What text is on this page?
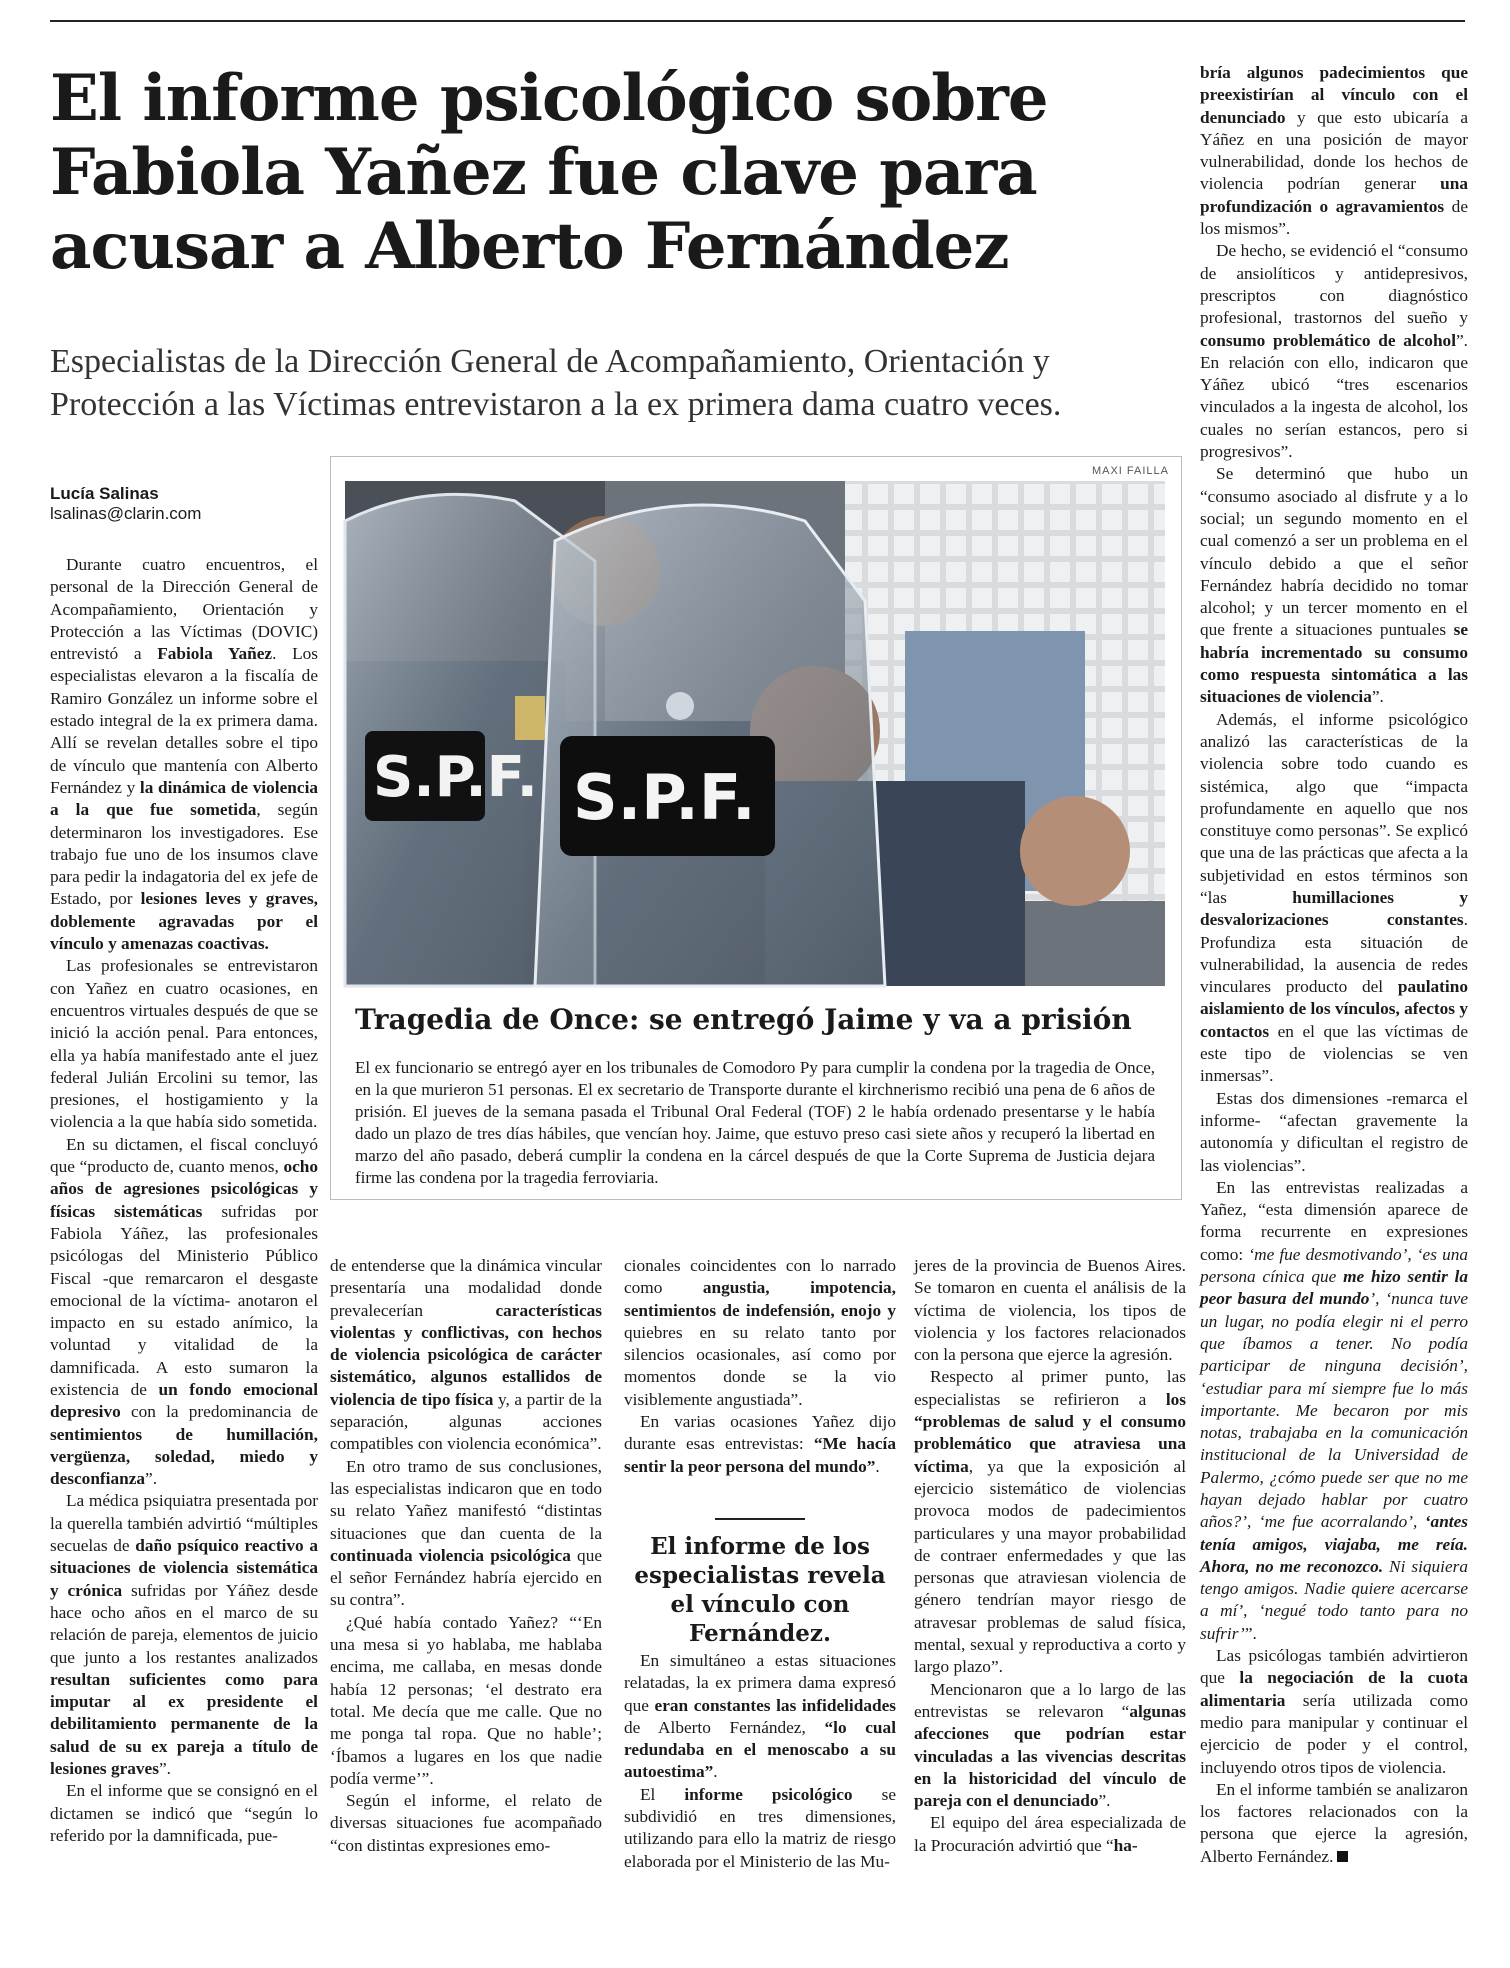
El informe psicológico sobre Fabiola Yañez fue clave para acusar a Alberto Fernández

Especialistas de la Dirección General de Acompañamiento, Orientación y Protección a las Víctimas entrevistaron a la ex primera dama cuatro veces.

Lucía Salinas
lsalinas@clarin.com

Durante cuatro encuentros, el personal de la Dirección General de Acompañamiento, Orientación y Protección a las Víctimas (DOVIC) entrevistó a Fabiola Yañez. Los especialistas elevaron a la fiscalía de Ramiro González un informe sobre el estado integral de la ex primera dama. Allí se revelan detalles sobre el tipo de vínculo que mantenía con Alberto Fernández y la dinámica de violencia a la que fue sometida, según determinaron los investigadores. Ese trabajo fue uno de los insumos clave para pedir la indagatoria del ex jefe de Estado, por lesiones leves y graves, doblemente agravadas por el vínculo y amenazas coactivas.

Las profesionales se entrevistaron con Yañez en cuatro ocasiones, en encuentros virtuales después de que se inició la acción penal. Para entonces, ella ya había manifestado ante el juez federal Julián Ercolini su temor, las presiones, el hostigamiento y la violencia a la que había sido sometida.

En su dictamen, el fiscal concluyó que “producto de, cuanto menos, ocho años de agresiones psicológicas y físicas sistemáticas sufridas por Fabiola Yáñez, las profesionales psicólogas del Ministerio Público Fiscal -que remarcaron el desgaste emocional de la víctima- anotaron el impacto en su estado anímico, la voluntad y vitalidad de la damnificada. A esto sumaron la existencia de un fondo emocional depresivo con la predominancia de sentimientos de humillación, vergüenza, soledad, miedo y desconfianza”.

La médica psiquiatra presentada por la querella también advirtió “múltiples secuelas de daño psíquico reactivo a situaciones de violencia sistemática y crónica sufridas por Yáñez desde hace ocho años en el marco de su relación de pareja, elementos de juicio que junto a los restantes analizados resultan suficientes como para imputar al ex presidente el debilitamiento permanente de la salud de su ex pareja a título de lesiones graves”.

En el informe que se consignó en el dictamen se indicó que “según lo referido por la damnificada, pue-

MAXI FAILLA
S.P.F. S.P.F.
Tragedia de Once: se entregó Jaime y va a prisión

El ex funcionario se entregó ayer en los tribunales de Comodoro Py para cumplir la condena por la tragedia de Once, en la que murieron 51 personas. El ex secretario de Transporte durante el kirchnerismo recibió una pena de 6 años de prisión. El jueves de la semana pasada el Tribunal Oral Federal (TOF) 2 le había ordenado presentarse y le había dado un plazo de tres días hábiles, que vencían hoy. Jaime, que estuvo preso casi siete años y recuperó la libertad en marzo del año pasado, deberá cumplir la condena en la cárcel después de que la Corte Suprema de Justicia dejara firme las condena por la tragedia ferroviaria.

de entenderse que la dinámica vincular presentaría una modalidad donde prevalecerían características violentas y conflictivas, con hechos de violencia psicológica de carácter sistemático, algunos estallidos de violencia de tipo física y, a partir de la separación, algunas acciones compatibles con violencia económica”.

En otro tramo de sus conclusiones, las especialistas indicaron que en todo su relato Yañez manifestó “distintas situaciones que dan cuenta de la continuada violencia psicológica que el señor Fernández habría ejercido en su contra”.

¿Qué había contado Yañez? “‘En una mesa si yo hablaba, me hablaba encima, me callaba, en mesas donde había 12 personas; ‘el destrato era total. Me decía que me calle. Que no me ponga tal ropa. Que no hable’; ‘Íbamos a lugares en los que nadie podía verme’”.

Según el informe, el relato de diversas situaciones fue acompañado “con distintas expresiones emo-

cionales coincidentes con lo narrado como angustia, impotencia, sentimientos de indefensión, enojo y quiebres en su relato tanto por silencios ocasionales, así como por momentos donde se la vio visiblemente angustiada”.

En varias ocasiones Yañez dijo durante esas entrevistas: “Me hacía sentir la peor persona del mundo”.

El informe de los especialistas revela el vínculo con Fernández.

En simultáneo a estas situaciones relatadas, la ex primera dama expresó que eran constantes las infidelidades de Alberto Fernández, “lo cual redundaba en el menoscabo a su autoestima”.

El informe psicológico se subdividió en tres dimensiones, utilizando para ello la matriz de riesgo elaborada por el Ministerio de las Mu-

jeres de la provincia de Buenos Aires. Se tomaron en cuenta el análisis de la víctima de violencia, los tipos de violencia y los factores relacionados con la persona que ejerce la agresión.

Respecto al primer punto, las especialistas se refirieron a los “problemas de salud y el consumo problemático que atraviesa una víctima, ya que la exposición al ejercicio sistemático de violencias provoca modos de padecimientos particulares y una mayor probabilidad de contraer enfermedades y que las personas que atraviesan violencia de género tendrían mayor riesgo de atravesar problemas de salud física, mental, sexual y reproductiva a corto y largo plazo”.

Mencionaron que a lo largo de las entrevistas se relevaron “algunas afecciones que podrían estar vinculadas a las vivencias descritas en la historicidad del vínculo de pareja con el denunciado”.

El equipo del área especializada de la Procuración advirtió que “ha-

bría algunos padecimientos que preexistirían al vínculo con el denunciado y que esto ubicaría a Yáñez en una posición de mayor vulnerabilidad, donde los hechos de violencia podrían generar una profundización o agravamientos de los mismos”.

De hecho, se evidenció el “consumo de ansiolíticos y antidepresivos, prescriptos con diagnóstico profesional, trastornos del sueño y consumo problemático de alcohol”. En relación con ello, indicaron que Yáñez ubicó “tres escenarios vinculados a la ingesta de alcohol, los cuales no serían estancos, pero si progresivos”.

Se determinó que hubo un “consumo asociado al disfrute y a lo social; un segundo momento en el cual comenzó a ser un problema en el vínculo debido a que el señor Fernández habría decidido no tomar alcohol; y un tercer momento en el que frente a situaciones puntuales se habría incrementado su consumo como respuesta sintomática a las situaciones de violencia”.

Además, el informe psicológico analizó las características de la violencia sobre todo cuando es sistémica, algo que “impacta profundamente en aquello que nos constituye como personas”. Se explicó que una de las prácticas que afecta a la subjetividad en estos términos son “las humillaciones y desvalorizaciones constantes. Profundiza esta situación de vulnerabilidad, la ausencia de redes vinculares producto del paulatino aislamiento de los vínculos, afectos y contactos en el que las víctimas de este tipo de violencias se ven inmersas”.

Estas dos dimensiones -remarca el informe- “afectan gravemente la autonomía y dificultan el registro de las violencias”.

En las entrevistas realizadas a Yañez, “esta dimensión aparece de forma recurrente en expresiones como: ‘me fue desmotivando’, ‘es una persona cínica que me hizo sentir la peor basura del mundo’, ‘nunca tuve un lugar, no podía elegir ni el perro que íbamos a tener. No podía participar de ninguna decisión’, ‘estudiar para mí siempre fue lo más importante. Me becaron por mis notas, trabajaba en la comunicación institucional de la Universidad de Palermo, ¿cómo puede ser que no me hayan dejado hablar por cuatro años?’, ‘me fue acorralando’, ‘antes tenía amigos, viajaba, me reía. Ahora, no me reconozco. Ni siquiera tengo amigos. Nadie quiere acercarse a mí’, ‘negué todo tanto para no sufrir’”.

Las psicólogas también advirtieron que la negociación de la cuota alimentaria sería utilizada como medio para manipular y continuar el ejercicio de poder y el control, incluyendo otros tipos de violencia.

En el informe también se analizaron los factores relacionados con la persona que ejerce la agresión, Alberto Fernández.
